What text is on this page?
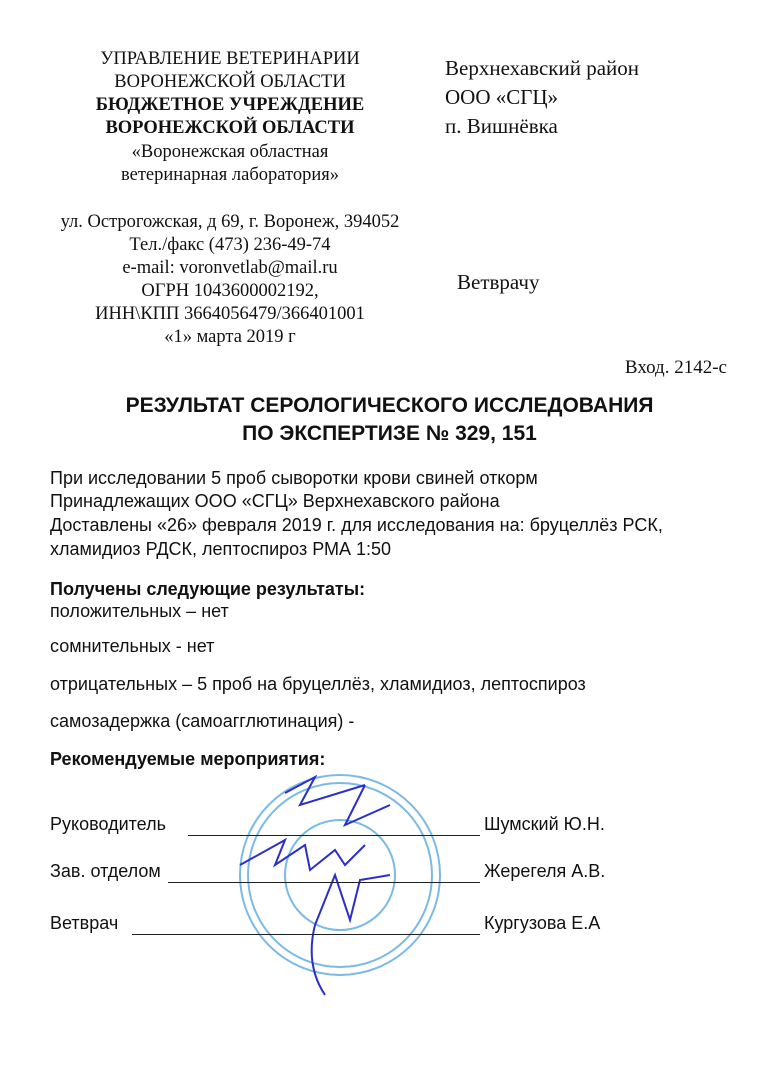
УПРАВЛЕНИЕ ВЕТЕРИНАРИИ
ВОРОНЕЖСКОЙ ОБЛАСТИ
БЮДЖЕТНОЕ УЧРЕЖДЕНИЕ
ВОРОНЕЖСКОЙ ОБЛАСТИ
«Воронежская областная
ветеринарная лаборатория»
ул. Острогожская, д 69, г. Воронеж, 394052
Тел./факс (473) 236-49-74
e-mail: voronvetlab@mail.ru
ОГРН 1043600002192,
ИНН\КПП 3664056479/366401001
«1» марта 2019 г
Верхнехавский район
ООО «СГЦ»
п. Вишнёвка
Ветврачу
Вход. 2142-с
РЕЗУЛЬТАТ СЕРОЛОГИЧЕСКОГО ИССЛЕДОВАНИЯ
ПО ЭКСПЕРТИЗЕ № 329, 151
При исследовании 5 проб сыворотки крови свиней откорм
Принадлежащих ООО «СГЦ» Верхнехавского района
Доставлены «26» февраля 2019 г. для исследования на: бруцеллёз РСК,
хламидиоз РДСК, лептоспироз РМА 1:50
Получены следующие результаты:
положительных – нет
сомнительных - нет
отрицательных – 5 проб на бруцеллёз, хламидиоз, лептоспироз
самозадержка (самоагглютинация) -
Рекомендуемые мероприятия:
Руководитель	Шумский Ю.Н.
Зав. отделом	Жерегеля А.В.
Ветврач	Кургузова Е.А
